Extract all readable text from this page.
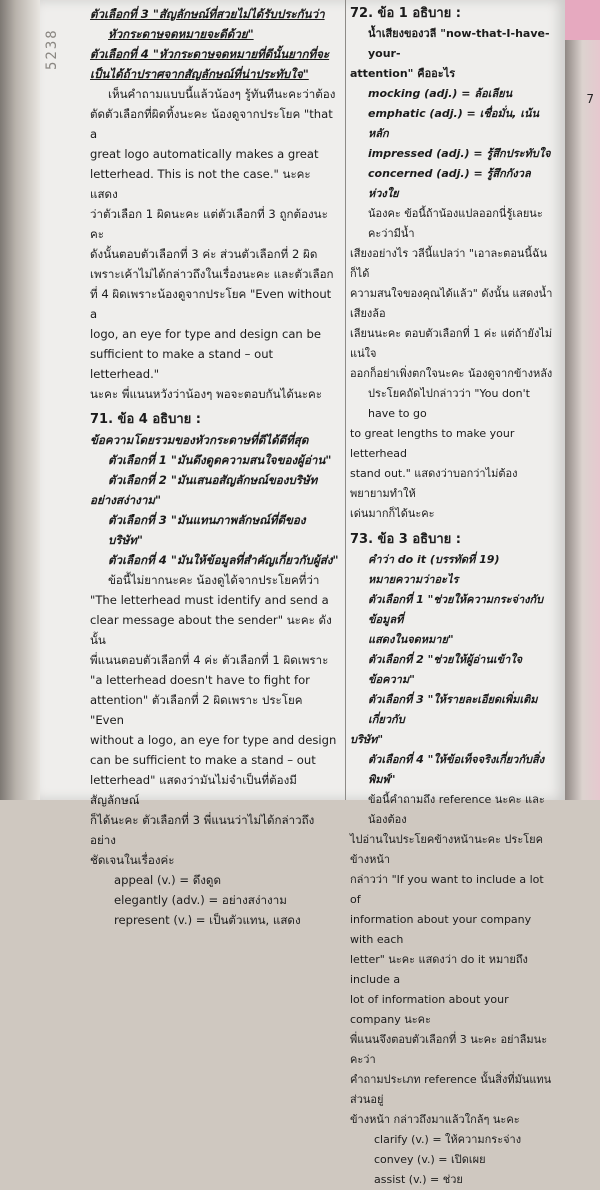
5238
7

ตัวเลือกที่ 3 "สัญลักษณ์ที่สวยไม่ได้รับประกันว่า

หัวกระดาษจดหมายจะดีด้วย"

ตัวเลือกที่ 4 "หัวกระดาษจดหมายที่ดีนั้นยากที่จะ

เป็นได้ถ้าปราศจากสัญลักษณ์ที่น่าประทับใจ"

เห็นคำถามแบบนี้แล้วน้องๆ รู้ทันทีนะคะว่าต้อง

ตัดตัวเลือกที่ผิดทิ้งนะคะ น้องดูจากประโยค "that a

great logo automatically makes a great

letterhead. This is not the case." นะคะ แสดง

ว่าตัวเลือก 1 ผิดนะคะ แต่ตัวเลือกที่ 3 ถูกต้องนะคะ

ดังนั้นตอบตัวเลือกที่ 3 ค่ะ ส่วนตัวเลือกที่ 2 ผิด

เพราะเค้าไม่ได้กล่าวถึงในเรื่องนะคะ และตัวเลือก

ที่ 4 ผิดเพราะน้องดูจากประโยค "Even without a

logo, an eye for type and design can be

sufficient to make a stand – out letterhead."

นะคะ พี่แนนหวังว่าน้องๆ พอจะตอบกันได้นะคะ

71. ข้อ 4 อธิบาย :

ข้อความโดยรวมของหัวกระดาษที่ดีได้ดีที่สุด

ตัวเลือกที่ 1 "มันดึงดูดความสนใจของผู้อ่าน"

ตัวเลือกที่ 2 "มันเสนอสัญลักษณ์ของบริษัท

อย่างสง่างาม"

ตัวเลือกที่ 3 "มันแทนภาพลักษณ์ที่ดีของบริษัท"

ตัวเลือกที่ 4 "มันให้ข้อมูลที่สำคัญเกี่ยวกับผู้ส่ง"

ข้อนี้ไม่ยากนะคะ น้องดูได้จากประโยคที่ว่า

"The letterhead must identify and send a

clear message about the sender" นะคะ ดังนั้น

พี่แนนตอบตัวเลือกที่ 4 ค่ะ ตัวเลือกที่ 1 ผิดเพราะ

"a letterhead doesn't have to fight for

attention" ตัวเลือกที่ 2 ผิดเพราะ ประโยค "Even

without a logo, an eye for type and design

can be sufficient to make a stand – out

letterhead" แสดงว่ามันไม่จำเป็นที่ต้องมีสัญลักษณ์

ก็ได้นะคะ ตัวเลือกที่ 3 พี่แนนว่าไม่ได้กล่าวถึงอย่าง

ชัดเจนในเรื่องค่ะ

appeal (v.) = ดึงดูด

elegantly (adv.) = อย่างสง่างาม

represent (v.) = เป็นตัวแทน, แสดง

72. ข้อ 1 อธิบาย :

น้ำเสียงของวลี "now-that-I-have-your-

attention" คืออะไร

mocking (adj.) = ล้อเลียน

emphatic (adj.) = เชื่อมั่น, เน้นหลัก

impressed (adj.) = รู้สึกประทับใจ

concerned (adj.) = รู้สึกกังวลห่วงใย

น้องคะ ข้อนี้ถ้าน้องแปลออกนี่รู้เลยนะคะว่ามีน้ำ

เสียงอย่างไร วลีนี้แปลว่า "เอาละตอนนี้ฉันก็ได้

ความสนใจของคุณได้แล้ว" ดังนั้น แสดงน้ำเสียงล้อ

เลียนนะคะ ตอบตัวเลือกที่ 1 ค่ะ แต่ถ้ายังไม่แน่ใจ

ออกก็อย่าเพิ่งตกใจนะคะ น้องดูจากข้างหลัง

ประโยคถัดไปกล่าวว่า "You don't have to go

to great lengths to make your letterhead

stand out." แสดงว่าบอกว่าไม่ต้องพยายามทำให้

เด่นมากก็ได้นะคะ

73. ข้อ 3 อธิบาย :

คำว่า do it (บรรทัดที่ 19) หมายความว่าอะไร

ตัวเลือกที่ 1 "ช่วยให้ความกระจ่างกับข้อมูลที่

แสดงในจดหมาย"

ตัวเลือกที่ 2 "ช่วยให้ผู้อ่านเข้าใจข้อความ"

ตัวเลือกที่ 3 "ให้รายละเอียดเพิ่มเติมเกี่ยวกับ

บริษัท"

ตัวเลือกที่ 4 "ให้ข้อเท็จจริงเกี่ยวกับสิ่งพิมพ์"

ข้อนี้คำถามถึง reference นะคะ และน้องต้อง

ไปอ่านในประโยคข้างหน้านะคะ ประโยคข้างหน้า

กล่าวว่า "If you want to include a lot of

information about your company with each

letter" นะคะ แสดงว่า do it หมายถึง include a

lot of information about your company นะคะ

พี่แนนจึงตอบตัวเลือกที่ 3 นะคะ อย่าลืมนะคะว่า

คำถามประเภท reference นั้นสิ่งที่มันแทนส่วนอยู่

ข้างหน้า กล่าวถึงมาแล้วใกล้ๆ นะคะ

clarify (v.) = ให้ความกระจ่าง

convey (v.) = เปิดเผย

assist (v.) = ช่วย
